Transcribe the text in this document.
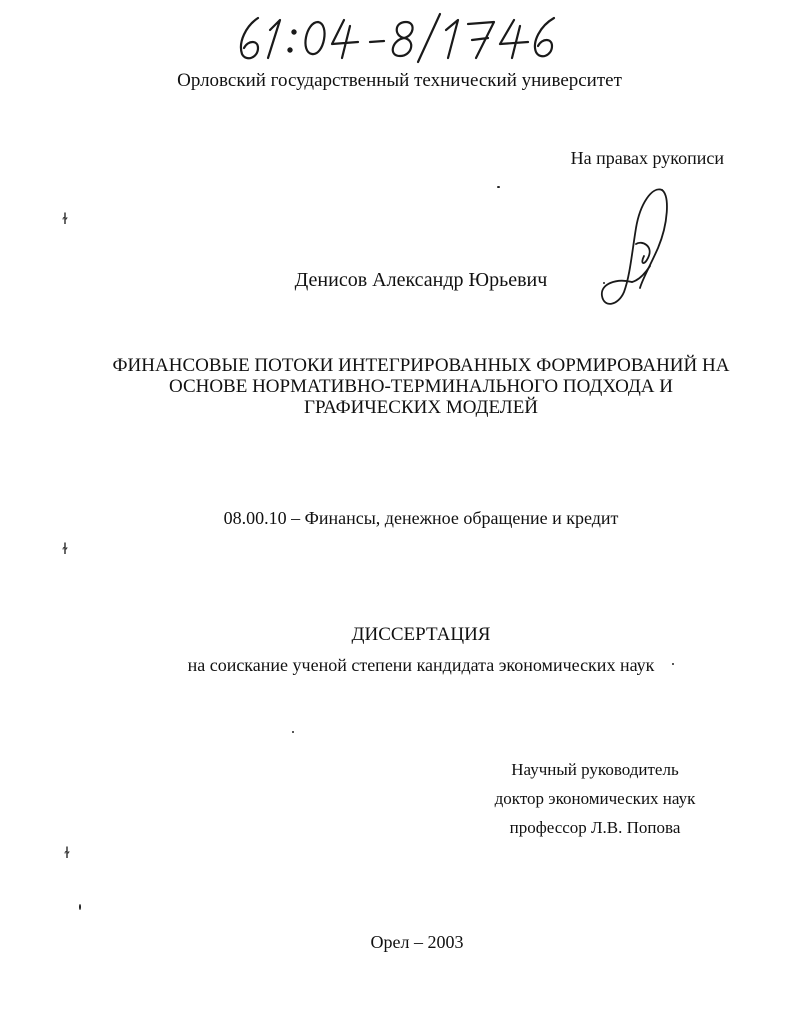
Орловский государственный технический университет
На правах рукописи
Денисов Александр Юрьевич
ФИНАНСОВЫЕ ПОТОКИ ИНТЕГРИРОВАННЫХ ФОРМИРОВАНИЙ НА
ОСНОВЕ НОРМАТИВНО-ТЕРМИНАЛЬНОГО ПОДХОДА И
ГРАФИЧЕСКИХ МОДЕЛЕЙ
08.00.10 – Финансы, денежное обращение и кредит
ДИССЕРТАЦИЯ
на соискание ученой степени кандидата экономических наук
Научный руководитель
доктор экономических наук
профессор Л.В. Попова
Орел – 2003
ɫ
ɫ
ɫ
